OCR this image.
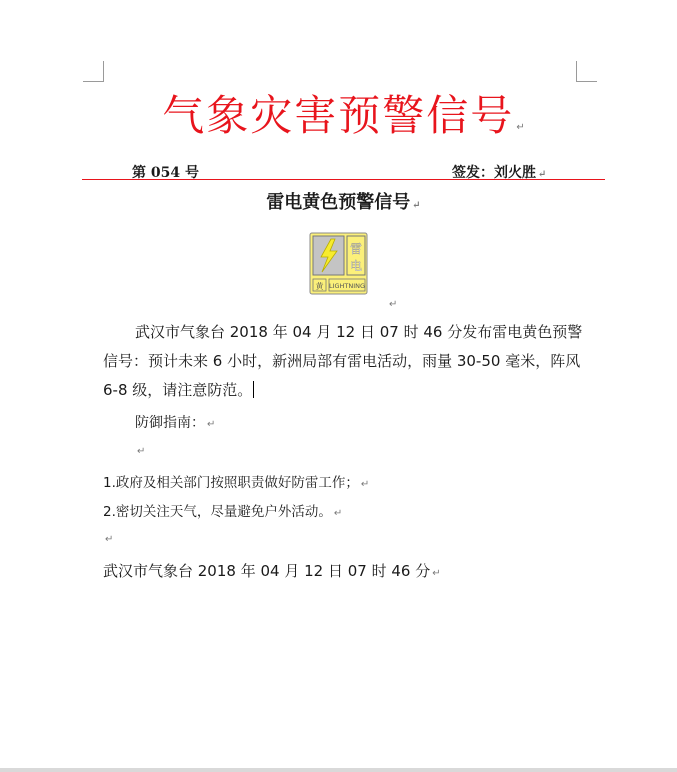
气象灾害预警信号 ↵
第 054 号	签发：刘火胜 ↵
雷电黄色预警信号 ↵
雷
电
黄 LIGHTNING
↵
武汉市气象台 2018 年 04 月 12 日 07 时 46 分发布雷电黄色预警信号：预计未来 6 小时，新洲局部有雷电活动，雨量 30-50 毫米，阵风 6-8 级，请注意防范。
防御指南： ↵
↵
1.政府及相关部门按照职责做好防雷工作； ↵
2.密切关注天气，尽量避免户外活动。 ↵
↵
武汉市气象台 2018 年 04 月 12 日 07 时 46 分 ↵
